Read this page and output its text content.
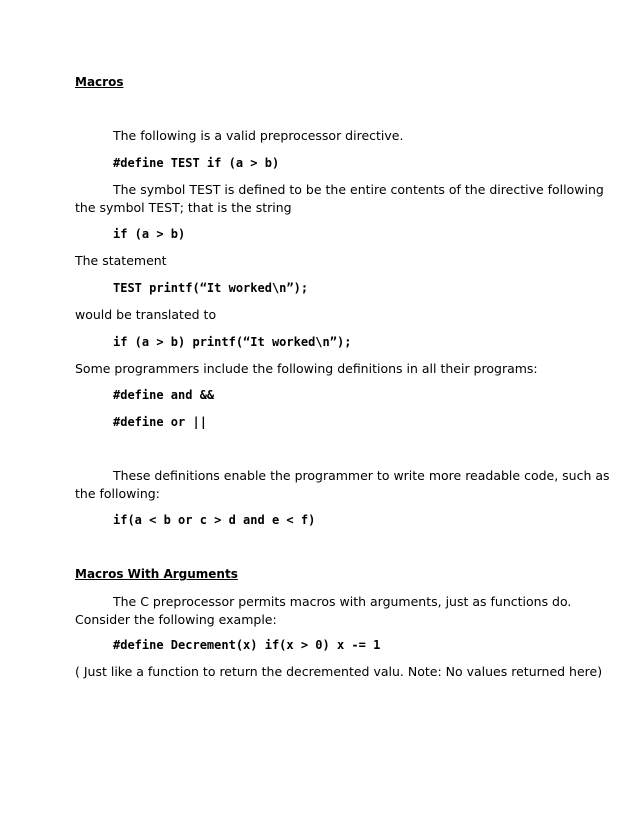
Macros
The following is a valid preprocessor directive.
#define TEST if (a > b)
The symbol TEST is defined to be the entire contents of the directive following
the symbol TEST; that is the string
if (a > b)
The statement
TEST printf(“It worked\n”);
would be translated to
if (a > b) printf(“It worked\n”);
Some programmers include the following definitions in all their programs:
#define and &&
#define or ||
These definitions enable the programmer to write more readable code, such as
the following:
if(a < b or c > d and e < f)
Macros With Arguments
The C preprocessor permits macros with arguments, just as functions do.
Consider the following example:
#define Decrement(x) if(x > 0) x -= 1
( Just like a function to return the decremented valu. Note: No values returned here)
